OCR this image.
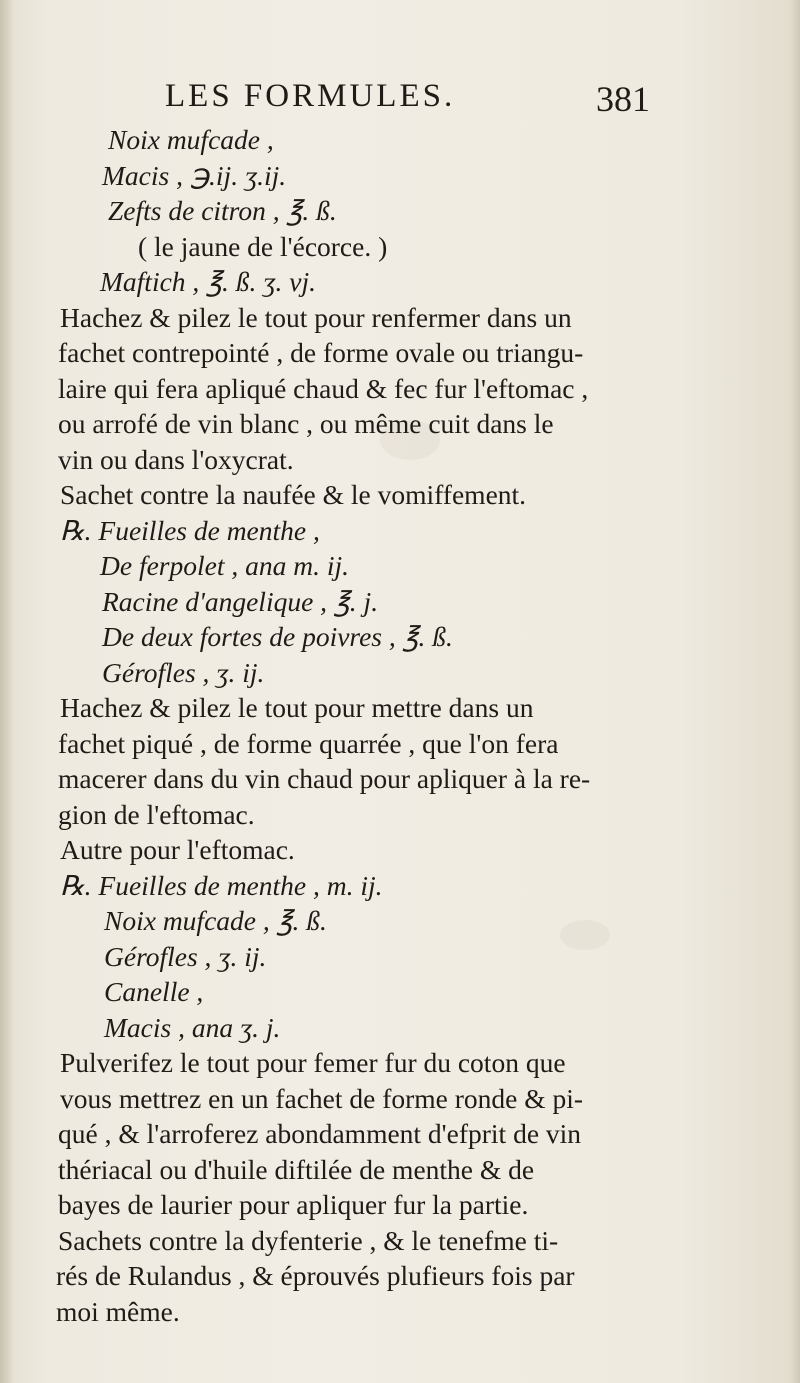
LES FORMULES.	381
Noix mufcade ,
Macis , ℈.ij. ʒ.ij.
Zefts de citron , ℥. ß.
( le jaune de l'écorce. )
Maftich , ℥. ß. ʒ. vj.
Hachez & pilez le tout pour renfermer dans un
fachet contrepointé , de forme ovale ou triangu-
laire qui fera apliqué chaud & fec fur l'eftomac ,
ou arrofé de vin blanc , ou même cuit dans le
vin ou dans l'oxycrat.
Sachet contre la naufée & le vomiffement.
℞. Fueilles de menthe ,
De ferpolet , ana m. ij.
Racine d'angelique , ℥. j.
De deux fortes de poivres , ℥. ß.
Gérofles , ʒ. ij.
Hachez & pilez le tout pour mettre dans un
fachet piqué , de forme quarrée , que l'on fera
macerer dans du vin chaud pour apliquer à la re-
gion de l'eftomac.
Autre pour l'eftomac.
℞. Fueilles de menthe , m. ij.
Noix mufcade , ℥. ß.
Gérofles , ʒ. ij.
Canelle ,
Macis , ana ʒ. j.
Pulverifez le tout pour femer fur du coton que
vous mettrez en un fachet de forme ronde & pi-
qué , & l'arroferez abondamment d'efprit de vin
thériacal ou d'huile diftilée de menthe & de
bayes de laurier pour apliquer fur la partie.
Sachets contre la dyfenterie , & le tenefme ti-
rés de Rulandus , & éprouvés plufieurs fois par
moi même.
